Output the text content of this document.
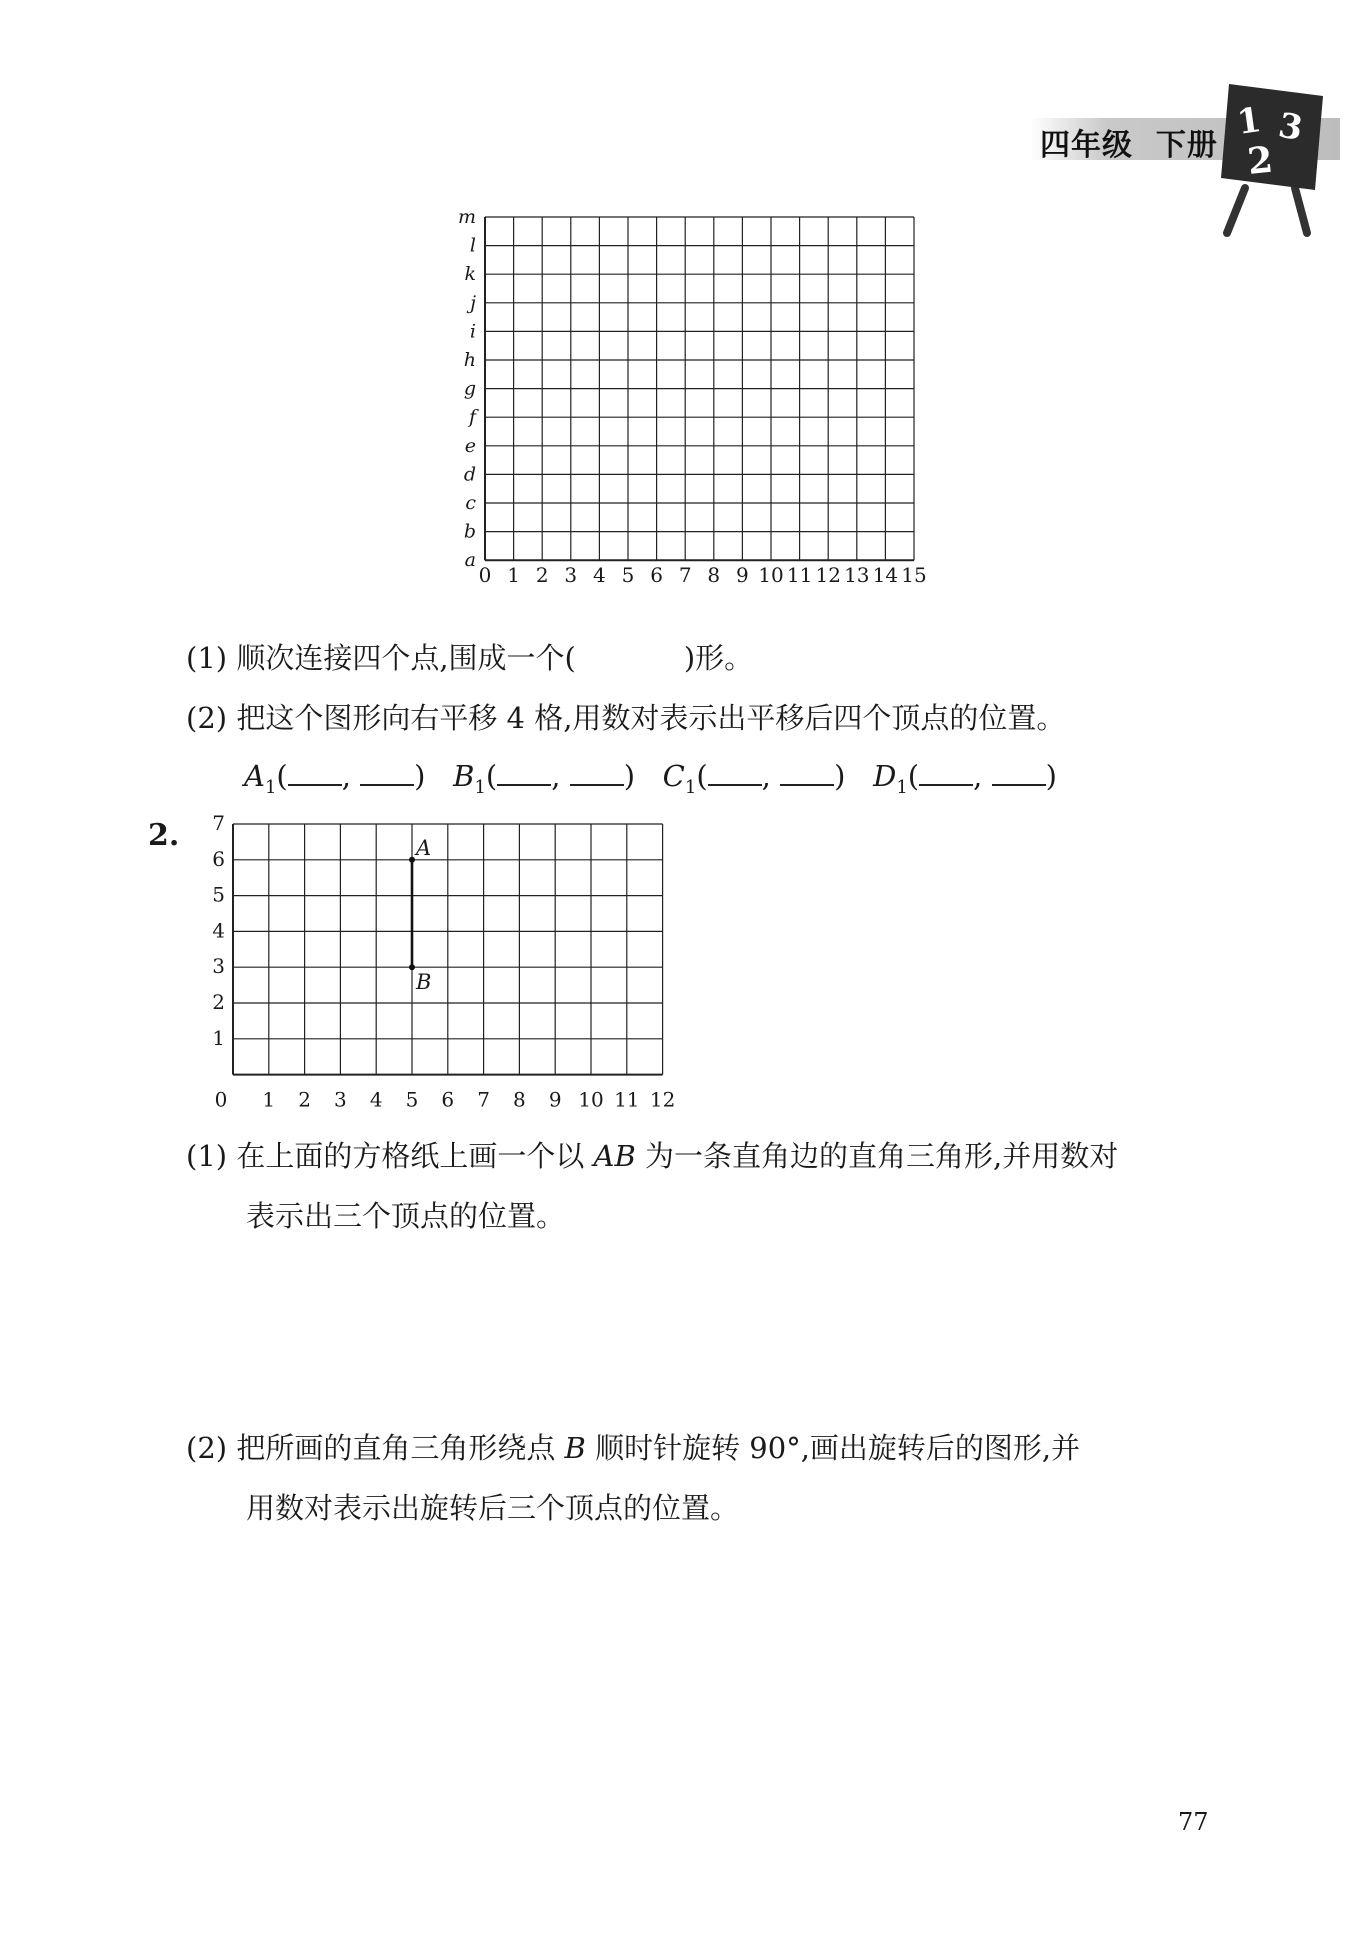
四年级 下册
1 3
2
0 1 2 3 4 5 6 7 8 9 10 11 12 13 14 15
a
b
c
d
e
f
g
h
i
j
k
l
m
(1) 顺次连接四个点,围成一个(	)形。
(2) 把这个图形向右平移 4 格,用数对表示出平移后四个顶点的位置。
$A_1$( , ) $B_1$( , ) $C_1$( , ) $D_1$( , )
2.
0 1 2 3 4 5 6 7 8 9 10 11 12
1
2
3
4
5
6
7
A
B
(1) 在上面的方格纸上画一个以 AB 为一条直角边的直角三角形,并用数对
表示出三个顶点的位置。
(2) 把所画的直角三角形绕点 B 顺时针旋转 90°,画出旋转后的图形,并
用数对表示出旋转后三个顶点的位置。
77
